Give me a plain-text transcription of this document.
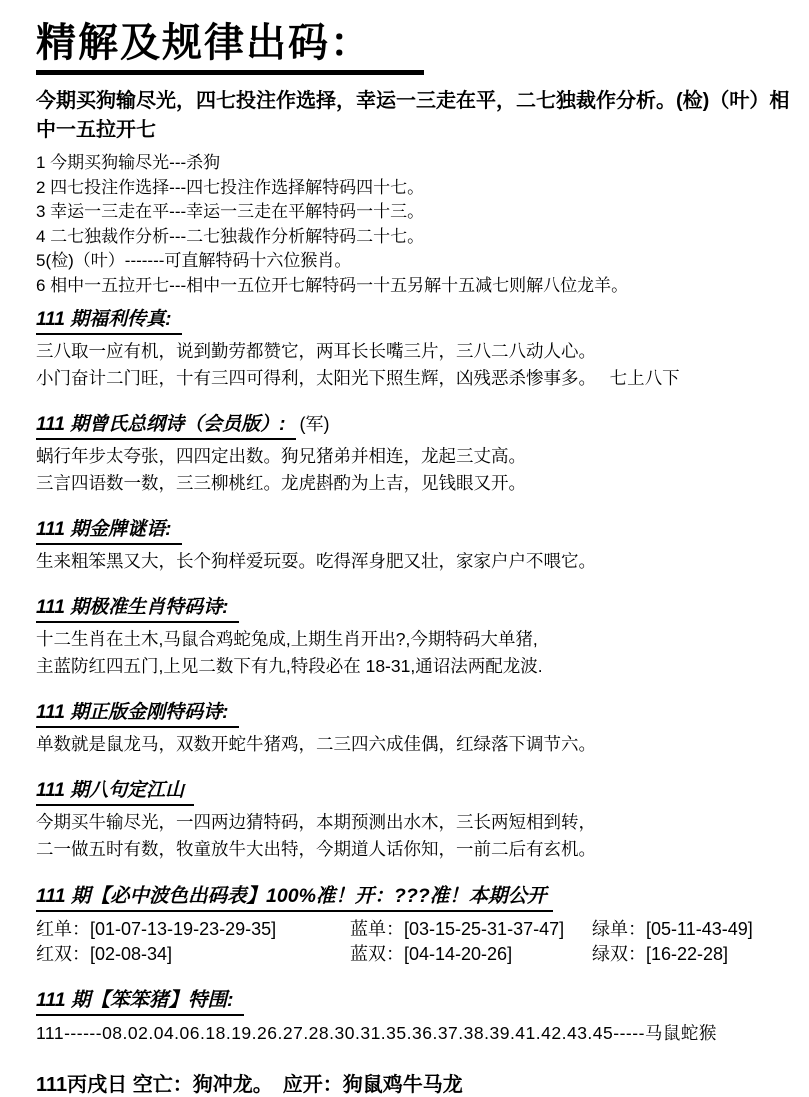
精解及规律出码：
今期买狗输尽光，四七投注作选择，幸运一三走在平，二七独裁作分析。(检)（叶）相中一五拉开七
1 今期买狗输尽光---杀狗
2 四七投注作选择---四七投注作选择解特码四十七。
3 幸运一三走在平---幸运一三走在平解特码一十三。
4 二七独裁作分析---二七独裁作分析解特码二十七。
5(检)（叶）-------可直解特码十六位猴肖。
6 相中一五拉开七---相中一五位开七解特码一十五另解十五减七则解八位龙羊。
111 期福利传真:
三八取一应有机，说到勤劳都赞它，两耳长长嘴三片，三八二八动人心。
小门奋计二门旺，十有三四可得利，太阳光下照生辉，凶残恶杀惨事多。　 七上八下
111 期曾氏总纲诗（会员版）: (军)
蜗行年步太夸张，四四定出数。狗兄猪弟并相连，龙起三丈高。
三言四语数一数，三三柳桃红。龙虎斟酌为上吉，见钱眼又开。
111 期金牌谜语:
生来粗笨黑又大，长个狗样爱玩耍。吃得浑身肥又壮，家家户户不喂它。
111 期极准生肖特码诗:
十二生肖在土木,马鼠合鸡蛇兔成,上期生肖开出?,今期特码大单猪,
主蓝防红四五门,上见二数下有九,特段必在 18-31,通诏法两配龙波.
111 期正版金刚特码诗:
单数就是鼠龙马，双数开蛇牛猪鸡，二三四六成佳偶，红绿落下调节六。
111 期八句定江山
今期买牛输尽光，一四两边猜特码，本期预测出水木，三长两短相到转，
二一做五时有数，牧童放牛大出特，今期道人话你知，一前二后有玄机。
111 期【必中波色出码表】100%准！开：???准！本期公开
红单：[01-07-13-19-23-29-35]	蓝单：[03-15-25-31-37-47]	绿单：[05-11-43-49]
红双：[02-08-34]	蓝双：[04-14-20-26]	绿双：[16-22-28]
111 期【笨笨猪】特围:
111------08.02.04.06.18.19.26.27.28.30.31.35.36.37.38.39.41.42.43.45-----马鼠蛇猴
111丙戌日 空亡：狗冲龙。　应开：狗鼠鸡牛马龙
